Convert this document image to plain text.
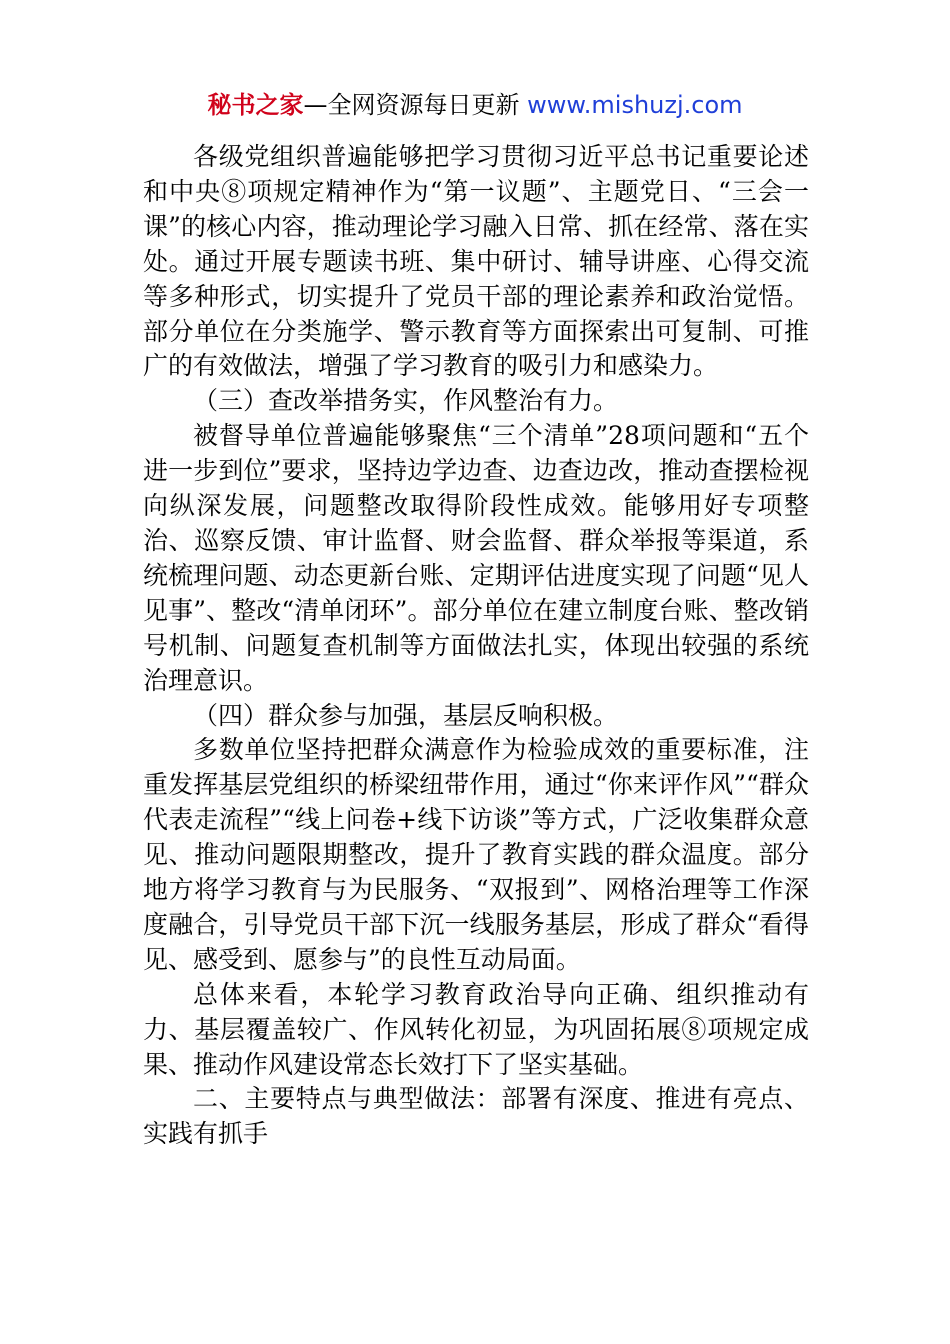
秘书之家—全网资源每日更新 www.mishuzj.com

各级党组织普遍能够把学习贯彻习近平总书记重要论述和中央⑧项规定精神作为“第一议题”、主题党日、“三会一课”的核心内容，推动理论学习融入日常、抓在经常、落在实处。通过开展专题读书班、集中研讨、辅导讲座、心得交流等多种形式，切实提升了党员干部的理论素养和政治觉悟。部分单位在分类施学、警示教育等方面探索出可复制、可推广的有效做法，增强了学习教育的吸引力和感染力。

（三）查改举措务实，作风整治有力。

被督导单位普遍能够聚焦“三个清单”28项问题和“五个进一步到位”要求，坚持边学边查、边查边改，推动查摆检视向纵深发展，问题整改取得阶段性成效。能够用好专项整治、巡察反馈、审计监督、财会监督、群众举报等渠道，系统梳理问题、动态更新台账、定期评估进度实现了问题“见人见事”、整改“清单闭环”。部分单位在建立制度台账、整改销号机制、问题复查机制等方面做法扎实，体现出较强的系统治理意识。

（四）群众参与加强，基层反响积极。

多数单位坚持把群众满意作为检验成效的重要标准，注重发挥基层党组织的桥梁纽带作用，通过“你来评作风”“群众代表走流程”“线上问卷+线下访谈”等方式，广泛收集群众意见、推动问题限期整改，提升了教育实践的群众温度。部分地方将学习教育与为民服务、“双报到”、网格治理等工作深度融合，引导党员干部下沉一线服务基层，形成了群众“看得见、感受到、愿参与”的良性互动局面。

总体来看，本轮学习教育政治导向正确、组织推动有力、基层覆盖较广、作风转化初显，为巩固拓展⑧项规定成果、推动作风建设常态长效打下了坚实基础。

二、主要特点与典型做法：部署有深度、推进有亮点、实践有抓手
